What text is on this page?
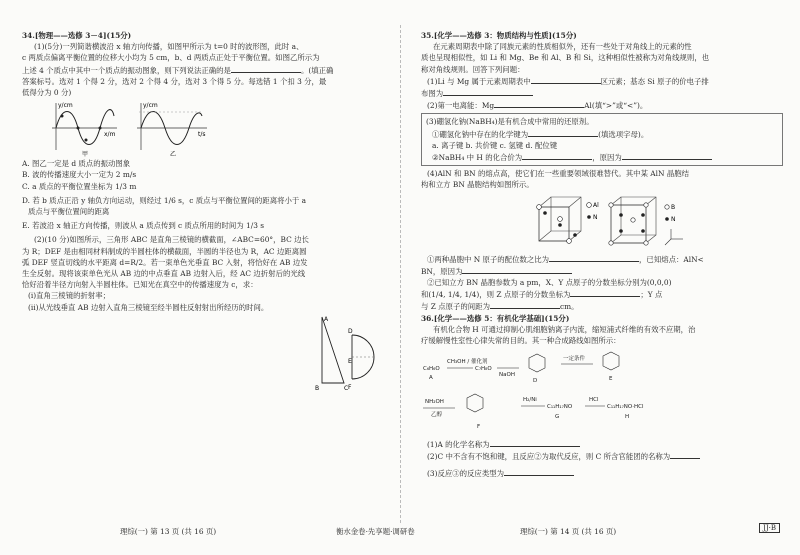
34.[物理——选修 3－4](15分)

(1)(5分)一列简谐横波沿 x 轴方向传播，如图甲所示为 t=0 时的波形图，此时 a、

c 两质点偏离平衡位置的位移大小均为 5 cm，b、d 两质点正处于平衡位置。如图乙所示为

上述 4 个质点中其中一个质点的振动图象，则下列说法正确的是	。(填正确

答案标号。选对 1 个得 2 分，选对 2 个得 4 分，选对 3 个得 5 分。每选错 1 个扣 3 分，最

低得分为 0 分)

y/cm
x/m
甲
y/cm
t/s
乙

A. 图乙一定是 d 质点的振动图象

B. 波的传播速度大小一定为 2 m/s

C. a 质点的平衡位置坐标为 1/3 m

D. 若 b 质点正沿 y 轴负方向运动，则经过 1/6 s，c 质点与平衡位置间的距离将小于 a

质点与平衡位置间的距离

E. 若波沿 x 轴正方向传播，则波从 a 质点传到 c 质点所用的时间为 1/3 s

(2)(10 分)如图所示，三角形 ABC 是直角三棱镜的横截面，∠ABC=60°，BC 边长

为 R；DEF 是由相同材料制成的半圆柱体的横截面，半圆的半径也为 R，AC 边距离圆

弧 DEF 竖直切线的水平距离 d=R/2。若一束单色光垂直 BC 入射，将恰好在 AB 边发

生全反射。现将该束单色光从 AB 边的中点垂直 AB 边射入后，经 AC 边折射后的光线

恰好沿着半径方向射入半圆柱体。已知光在真空中的传播速度为 c，求：

(ⅰ)直角三棱镜的折射率；

(ⅱ)从光线垂直 AB 边射入直角三棱镜至经半圆柱反射射出所经历的时间。

A
C
B
D
E
F

35.[化学——选修 3：物质结构与性质](15分)

在元素周期表中除了同族元素的性质相似外，还有一些处于对角线上的元素的性

质也呈现相似性，如 Li 和 Mg、Be 和 Al、B 和 Si，这种相似性被称为对角线规则，也

称对角线规则。回答下列问题：

(1)Li 与 Mg 属于元素周期表中	区元素；基态 Si 原子的价电子排

布图为

(2)第一电离能：Mg	Al(填“>”或“<”)。

(3)硼氢化钠(NaBH₄)是有机合成中常用的还原剂。

①硼氢化钠中存在的化学键为	(填选项字母)。

a. 离子键 b. 共价键 c. 氢键 d. 配位键

②NaBH₄ 中 H 的化合价为	，原因为

(4)AlN 和 BN 的熔点高，使它们在一些重要领域很难替代。其中某 AlN 晶胞结

构和立方 BN 晶胞结构如图所示。

Al
N
B
N

①两种晶胞中 N 原子的配位数之比为	，已知熔点：AlN<

BN，原因为

②已知立方 BN 晶胞参数为 a pm，X、Y 点原子的分数坐标分别为(0,0,0)

和(1/4, 1/4, 1/4)，则 Z 点原子的分数坐标为	；Y 点

与 Z 点原子的间距为	cm。

36.[化学——选修 5：有机化学基础](15分)

有机化合物 H 可通过抑制心肌细胞钠离子内流，缩短浦式纤维的有效不应期，治

疗缓解慢性室性心律失常的目的。其一种合成路线如图所示：

C₆H₆O
A
CH₃OH / 催化剂
C₇H₈O
NaOH
D
一定条件
E
NH₂OH
乙醇
F
H₂/Ni
C₁₁H₁₇NO
G
HCl
C₁₁H₁₇NO·HCl
H

(1)A 的化学名称为

(2)C 中不含有不饱和键，且反应②为取代反应，则 C 所含官能团的名称为

(3)反应③的反应类型为

理综(一) 第 13 页 (共 16 页)	衡水金卷·先享题·调研卷	理综(一) 第 14 页 (共 16 页)	JJ·B
